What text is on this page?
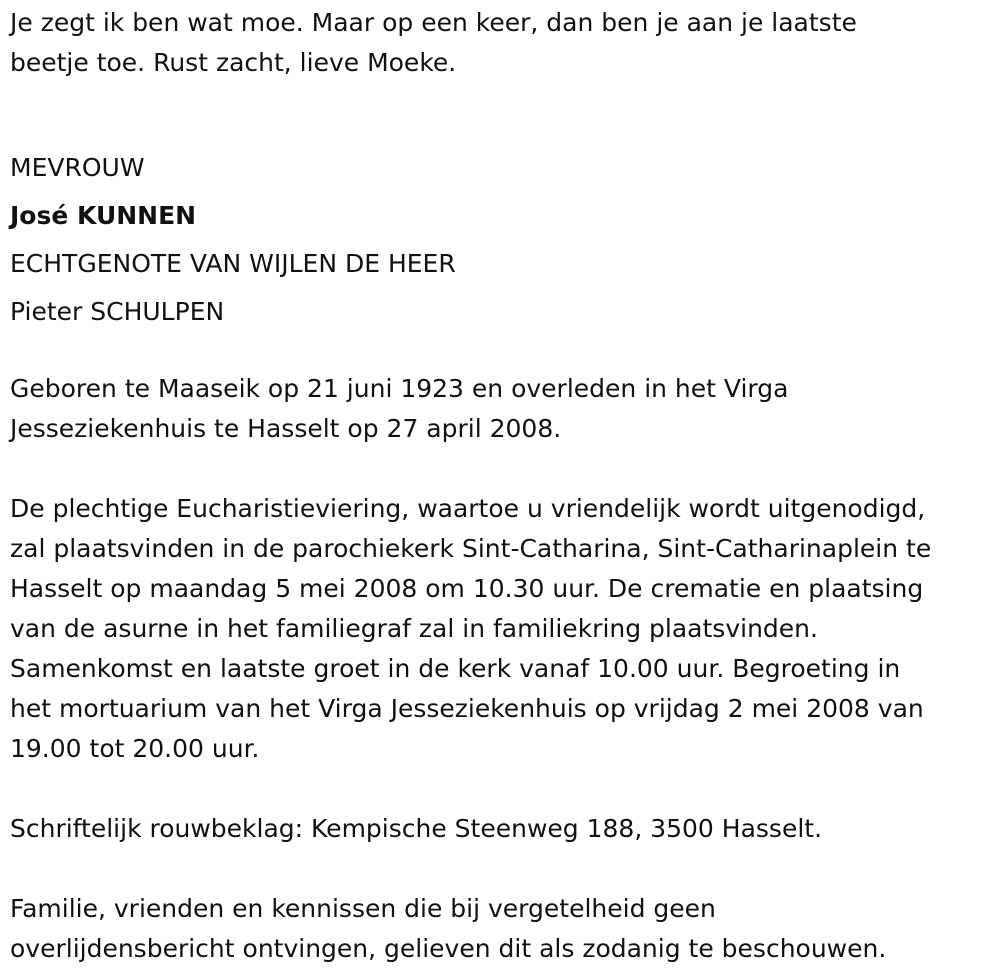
Je zegt ik ben wat moe. Maar op een keer, dan ben je aan je laatste
beetje toe. Rust zacht, lieve Moeke.

MEVROUW

José KUNNEN

ECHTGENOTE VAN WIJLEN DE HEER

Pieter SCHULPEN

Geboren te Maaseik op 21 juni 1923 en overleden in het Virga
Jesseziekenhuis te Hasselt op 27 april 2008.

De plechtige Eucharistieviering, waartoe u vriendelijk wordt uitgenodigd,
zal plaatsvinden in de parochiekerk Sint-Catharina, Sint-Catharinaplein te
Hasselt op maandag 5 mei 2008 om 10.30 uur. De crematie en plaatsing
van de asurne in het familiegraf zal in familiekring plaatsvinden.
Samenkomst en laatste groet in de kerk vanaf 10.00 uur. Begroeting in
het mortuarium van het Virga Jesseziekenhuis op vrijdag 2 mei 2008 van
19.00 tot 20.00 uur.

Schriftelijk rouwbeklag: Kempische Steenweg 188, 3500 Hasselt.

Familie, vrienden en kennissen die bij vergetelheid geen
overlijdensbericht ontvingen, gelieven dit als zodanig te beschouwen.
